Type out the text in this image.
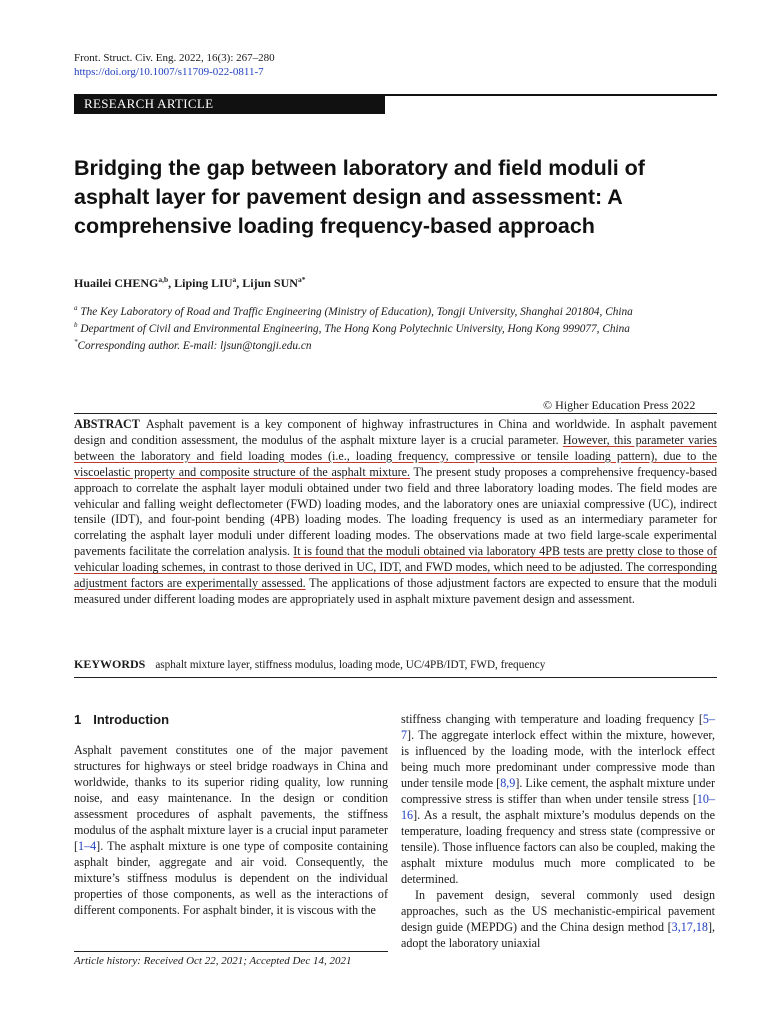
Front. Struct. Civ. Eng. 2022, 16(3): 267–280
https://doi.org/10.1007/s11709-022-0811-7
RESEARCH ARTICLE
Bridging the gap between laboratory and field moduli of asphalt layer for pavement design and assessment: A comprehensive loading frequency-based approach
Huailei CHENG$^{a,b}$, Liping LIU$^a$, Lijun $SUN^{a*}$
$^a$ The Key Laboratory of Road and Traffic Engineering (Ministry of Education), Tongji University, Shanghai 201804, China
$^b$ Department of Civil and Environmental Engineering, The Hong Kong Polytechnic University, Hong Kong 999077, China
*Corresponding author. E-mail: ljsun@tongji.edu.cn
© Higher Education Press 2022
ABSTRACT Asphalt pavement is a key component of highway infrastructures in China and worldwide. In asphalt pavement design and condition assessment, the modulus of the asphalt mixture layer is a crucial parameter. However, this parameter varies between the laboratory and field loading modes (i.e., loading frequency, compressive or tensile loading pattern), due to the viscoelastic property and composite structure of the asphalt mixture. The present study proposes a comprehensive frequency-based approach to correlate the asphalt layer moduli obtained under two field and three laboratory loading modes. The field modes are vehicular and falling weight deflectometer (FWD) loading modes, and the laboratory ones are uniaxial compressive (UC), indirect tensile (IDT), and four-point bending (4PB) loading modes. The loading frequency is used as an intermediary parameter for correlating the asphalt layer moduli under different loading modes. The observations made at two field large-scale experimental pavements facilitate the correlation analysis. It is found that the moduli obtained via laboratory 4PB tests are pretty close to those of vehicular loading schemes, in contrast to those derived in UC, IDT, and FWD modes, which need to be adjusted. The corresponding adjustment factors are experimentally assessed. The applications of those adjustment factors are expected to ensure that the moduli measured under different loading modes are appropriately used in asphalt mixture pavement design and assessment.
KEYWORDS asphalt mixture layer, stiffness modulus, loading mode, UC/4PB/IDT, FWD, frequency
1 Introduction

Asphalt pavement constitutes one of the major pavement structures for highways or steel bridge roadways in China and worldwide, thanks to its superior riding quality, low running noise, and easy maintenance. In the design or condition assessment procedures of asphalt pavements, the stiffness modulus of the asphalt mixture layer is a crucial input parameter [1–4]. The asphalt mixture is one type of composite containing asphalt binder, aggregate and air void. Consequently, the mixture’s stiffness modulus is dependent on the individual properties of those components, as well as the interactions of different components. For asphalt binder, it is viscous with the

stiffness changing with temperature and loading frequency [5–7]. The aggregate interlock effect within the mixture, however, is influenced by the loading mode, with the interlock effect being much more predominant under compressive mode than under tensile mode [8,9]. Like cement, the asphalt mixture under compressive stress is stiffer than when under tensile stress [10–16]. As a result, the asphalt mixture’s modulus depends on the temperature, loading frequency and stress state (compressive or tensile). Those influence factors can also be coupled, making the asphalt mixture modulus much more complicated to be determined.

In pavement design, several commonly used design approaches, such as the US mechanistic-empirical pavement design guide (MEPDG) and the China design method [3,17,18], adopt the laboratory uniaxial

Article history: Received Oct 22, 2021; Accepted Dec 14, 2021
